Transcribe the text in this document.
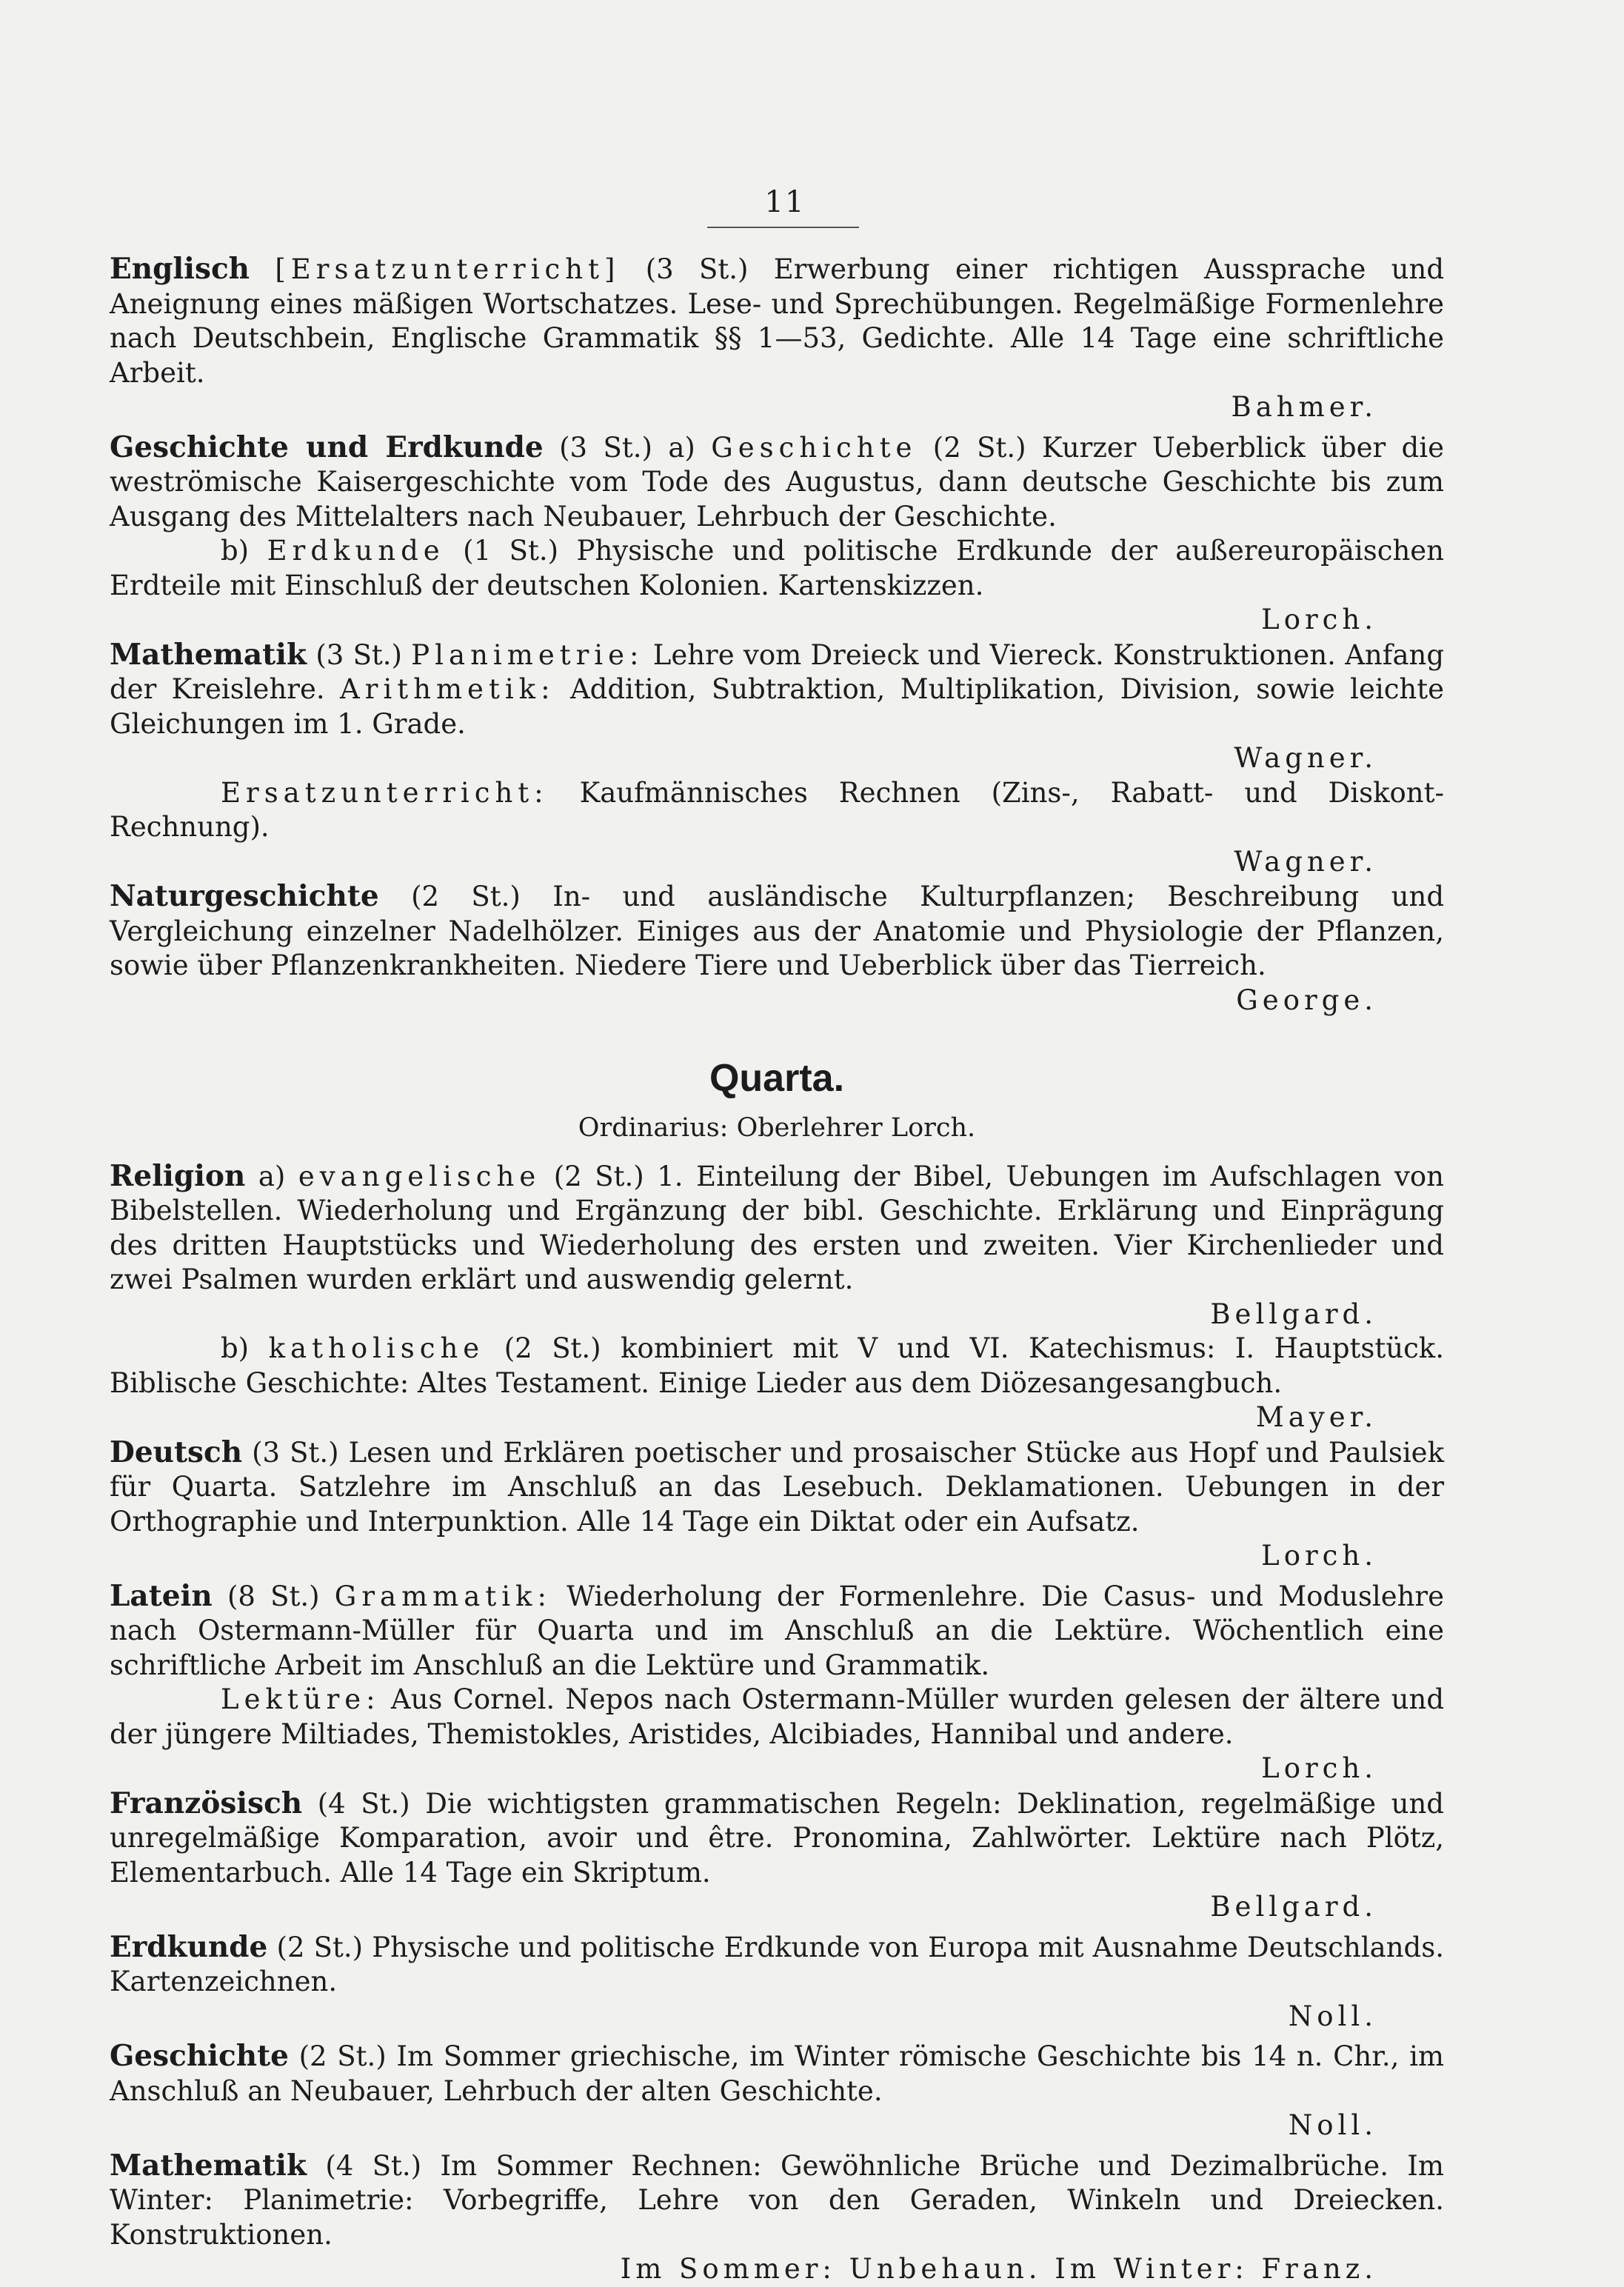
11

Englisch [Ersatzunterricht] (3 St.) Erwerbung einer richtigen Aussprache und Aneignung eines mäßigen Wortschatzes. Lese- und Sprechübungen. Regelmäßige Formenlehre nach Deutschbein, Englische Grammatik §§ 1—53, Gedichte. Alle 14 Tage eine schriftliche Arbeit.
Bahmer.

Geschichte und Erdkunde (3 St.) a) Geschichte (2 St.) Kurzer Ueberblick über die weströmische Kaisergeschichte vom Tode des Augustus, dann deutsche Geschichte bis zum Ausgang des Mittelalters nach Neubauer, Lehrbuch der Geschichte.

b) Erdkunde (1 St.) Physische und politische Erdkunde der außereuropäischen Erdteile mit Einschluß der deutschen Kolonien. Kartenskizzen.
Lorch.

Mathematik (3 St.) Planimetrie: Lehre vom Dreieck und Viereck. Konstruktionen. Anfang der Kreislehre. Arithmetik: Addition, Subtraktion, Multiplikation, Division, sowie leichte Gleichungen im 1. Grade.
Wagner.

Ersatzunterricht: Kaufmännisches Rechnen (Zins-, Rabatt- und Diskont-Rechnung).
Wagner.

Naturgeschichte (2 St.) In- und ausländische Kulturpflanzen; Beschreibung und Vergleichung einzelner Nadelhölzer. Einiges aus der Anatomie und Physiologie der Pflanzen, sowie über Pflanzenkrankheiten. Niedere Tiere und Ueberblick über das Tierreich.
George.

Quarta.

Ordinarius: Oberlehrer Lorch.

Religion a) evangelische (2 St.) 1. Einteilung der Bibel, Uebungen im Aufschlagen von Bibelstellen. Wiederholung und Ergänzung der bibl. Geschichte. Erklärung und Einprägung des dritten Hauptstücks und Wiederholung des ersten und zweiten. Vier Kirchenlieder und zwei Psalmen wurden erklärt und auswendig gelernt.
Bellgard.

b) katholische (2 St.) kombiniert mit V und VI. Katechismus: I. Hauptstück. Biblische Geschichte: Altes Testament. Einige Lieder aus dem Diözesangesangbuch.
Mayer.

Deutsch (3 St.) Lesen und Erklären poetischer und prosaischer Stücke aus Hopf und Paulsiek für Quarta. Satzlehre im Anschluß an das Lesebuch. Deklamationen. Uebungen in der Orthographie und Interpunktion. Alle 14 Tage ein Diktat oder ein Aufsatz.
Lorch.

Latein (8 St.) Grammatik: Wiederholung der Formenlehre. Die Casus- und Moduslehre nach Ostermann-Müller für Quarta und im Anschluß an die Lektüre. Wöchentlich eine schriftliche Arbeit im Anschluß an die Lektüre und Grammatik.

Lektüre: Aus Cornel. Nepos nach Ostermann-Müller wurden gelesen der ältere und der jüngere Miltiades, Themistokles, Aristides, Alcibiades, Hannibal und andere.
Lorch.

Französisch (4 St.) Die wichtigsten grammatischen Regeln: Deklination, regelmäßige und unregelmäßige Komparation, avoir und être. Pronomina, Zahlwörter. Lektüre nach Plötz, Elementarbuch. Alle 14 Tage ein Skriptum.
Bellgard.

Erdkunde (2 St.) Physische und politische Erdkunde von Europa mit Ausnahme Deutschlands. Kartenzeichnen.
Noll.

Geschichte (2 St.) Im Sommer griechische, im Winter römische Geschichte bis 14 n. Chr., im Anschluß an Neubauer, Lehrbuch der alten Geschichte.
Noll.

Mathematik (4 St.) Im Sommer Rechnen: Gewöhnliche Brüche und Dezimalbrüche. Im Winter: Planimetrie: Vorbegriffe, Lehre von den Geraden, Winkeln und Dreiecken. Konstruktionen.
Im Sommer: Unbehaun. Im Winter: Franz.
